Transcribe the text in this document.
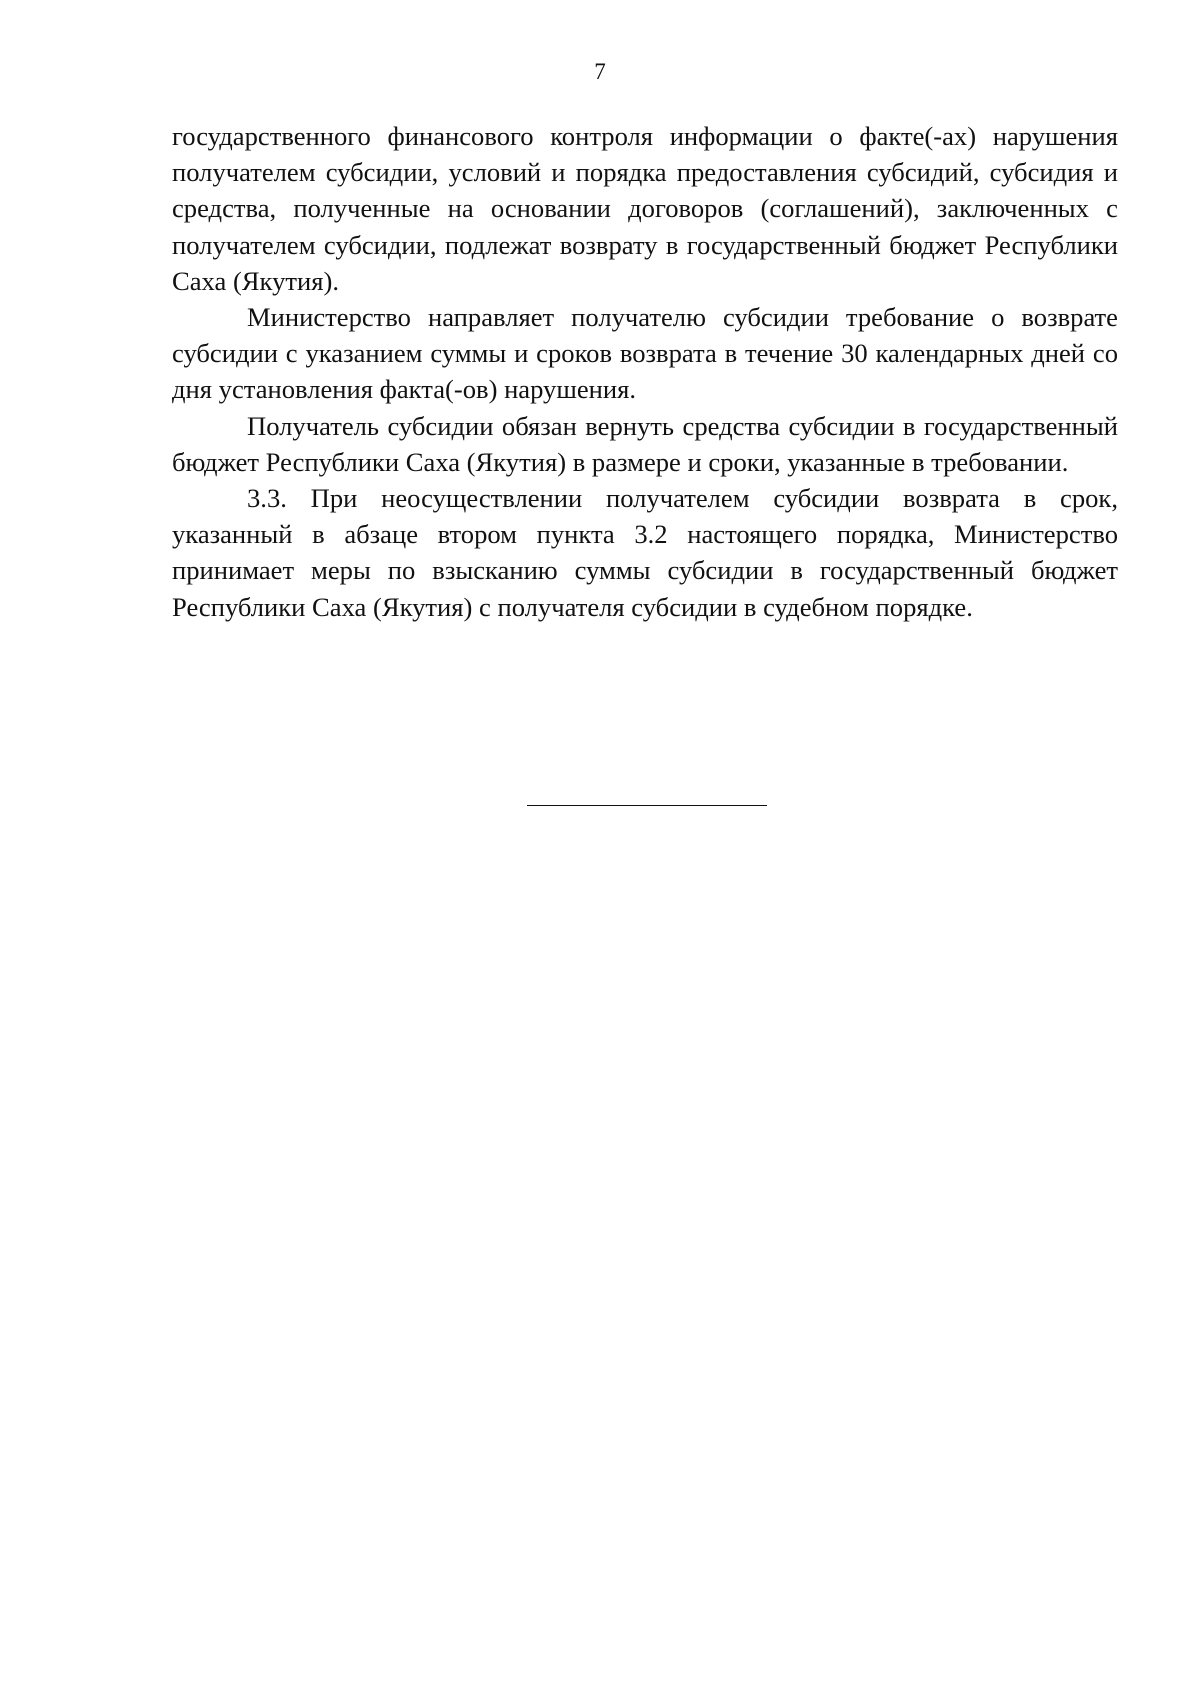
7

государственного финансового контроля информации о факте(-ах) нарушения получателем субсидии, условий и порядка предоставления субсидий, субсидия и средства, полученные на основании договоров (соглашений), заключенных с получателем субсидии, подлежат возврату в государственный бюджет Республики Саха (Якутия).

Министерство направляет получателю субсидии требование о возврате субсидии с указанием суммы и сроков возврата в течение 30 календарных дней со дня установления факта(-ов) нарушения.

Получатель субсидии обязан вернуть средства субсидии в государственный бюджет Республики Саха (Якутия) в размере и сроки, указанные в требовании.

3.3. При неосуществлении получателем субсидии возврата в срок, указанный в абзаце втором пункта 3.2 настоящего порядка, Министерство принимает меры по взысканию суммы субсидии в государственный бюджет Республики Саха (Якутия) с получателя субсидии в судебном порядке.
